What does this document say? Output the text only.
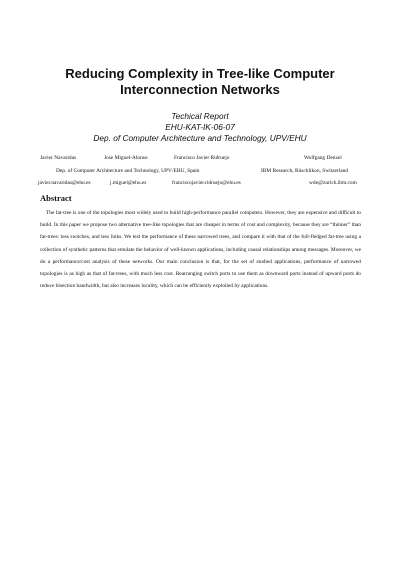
Reducing Complexity in Tree-like Computer Interconnection Networks
Techical Report
EHU-KAT-IK-06-07
Dep. of Computer Architecture and Technology, UPV/EHU
Javier Navaridas	Jose Miguel-Alonso	Francisco Javier Ridruejo	Wolfgang Denzel
Dep. of Computer Architecture and Technology, UPV/EHU, Spain	IBM Research, Rüschlikon, Switzerland
javier.navaridas@ehu.es	j.miguel@ehu.es	franciscojavier.ridruejo@ehu.es	wde@zurich.ibm.com
Abstract
The fat-tree is one of the topologies most widely used to build high-performance parallel computers. However, they are expensive and difficult to build. In this paper we propose two alternative tree-like topologies that are cheaper in terms of cost and complexity, because they are “thinner” than fat-trees: less switches, and less links. We test the performance of these narrowed trees, and compare it with that of the full-fledged fat-tree using a collection of synthetic patterns that emulate the behavior of well-known applications, including causal relationships among messages. Moreover, we do a performance/cost analysis of these networks. Our main conclusion is that, for the set of studied applications, performance of narrowed topologies is as high as that of fat-trees, with much less cost. Rearranging switch ports to use them as downward ports instead of upward ports do reduce bisection bandwidth, but also increases locality, which can be efficiently exploited by applications.
